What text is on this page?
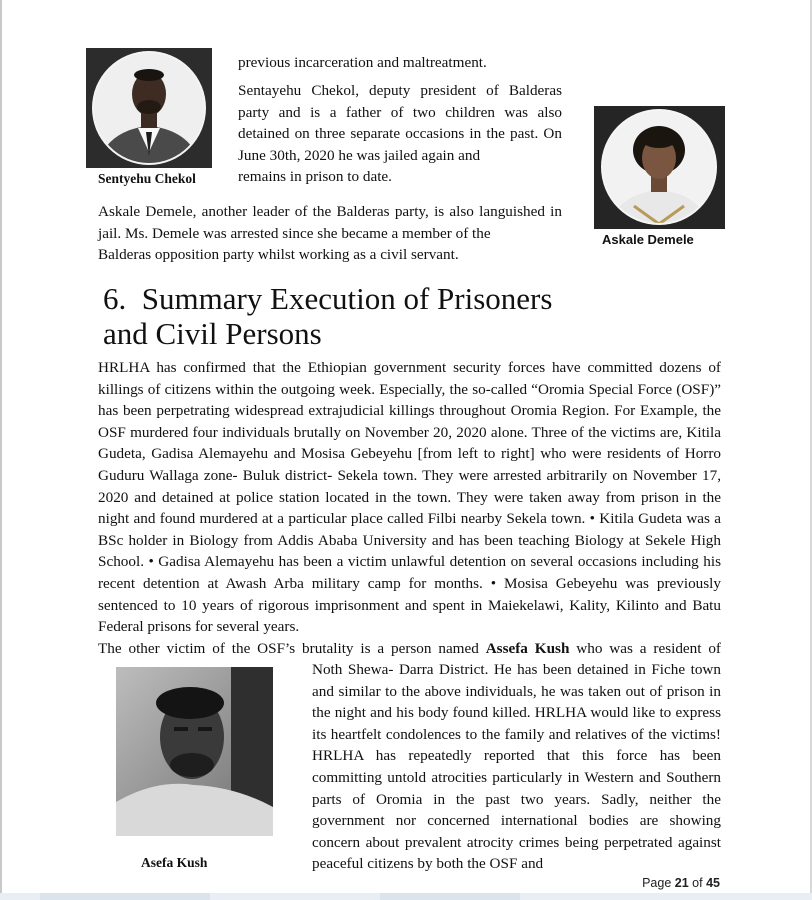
Sentyehu Chekol
Askale Demele

previous incarceration and maltreatment.

Sentayehu Chekol, deputy president of Balderas party and is a father of two children was also detained on three separate occasions in the past. On June 30th, 2020 he was jailed again and

remains in prison to date.

Askale Demele, another leader of the Balderas party, is also languished in jail. Ms. Demele was arrested since she became a member of the

Balderas opposition party whilst working as a civil servant.

6. Summary Execution of Prisoners
and Civil Persons

HRLHA has confirmed that the Ethiopian government security forces have committed dozens of killings of citizens within the outgoing week. Especially, the so-called “Oromia Special Force (OSF)” has been perpetrating widespread extrajudicial killings throughout Oromia Region. For Example, the OSF murdered four individuals brutally on November 20, 2020 alone. Three of the victims are, Kitila Gudeta, Gadisa Alemayehu and Mosisa Gebeyehu [from left to right] who were residents of Horro Guduru Wallaga zone- Buluk district- Sekela town. They were arrested arbitrarily on November 17, 2020 and detained at police station located in the town. They were taken away from prison in the night and found murdered at a particular place called Filbi nearby Sekela town. • Kitila Gudeta was a BSc holder in Biology from Addis Ababa University and has been teaching Biology at Sekele High School. • Gadisa Alemayehu has been a victim unlawful detention on several occasions including his recent detention at Awash Arba military camp for months. • Mosisa Gebeyehu was previously sentenced to 10 years of rigorous imprisonment and spent in Maiekelawi, Kality, Kilinto and Batu Federal prisons for several years.

The other victim of the OSF’s brutality is a person named Assefa Kush who was a resident of

Asefa Kush

Noth Shewa- Darra District. He has been detained in Fiche town and similar to the above individuals, he was taken out of prison in the night and his body found killed. HRLHA would like to express its heartfelt condolences to the family and relatives of the victims! HRLHA has repeatedly reported that this force has been committing untold atrocities particularly in Western and Southern parts of Oromia in the past two years. Sadly, neither the government nor concerned international bodies are showing concern about prevalent atrocity crimes being perpetrated against peaceful citizens by both the OSF and

Page 21 of 45
